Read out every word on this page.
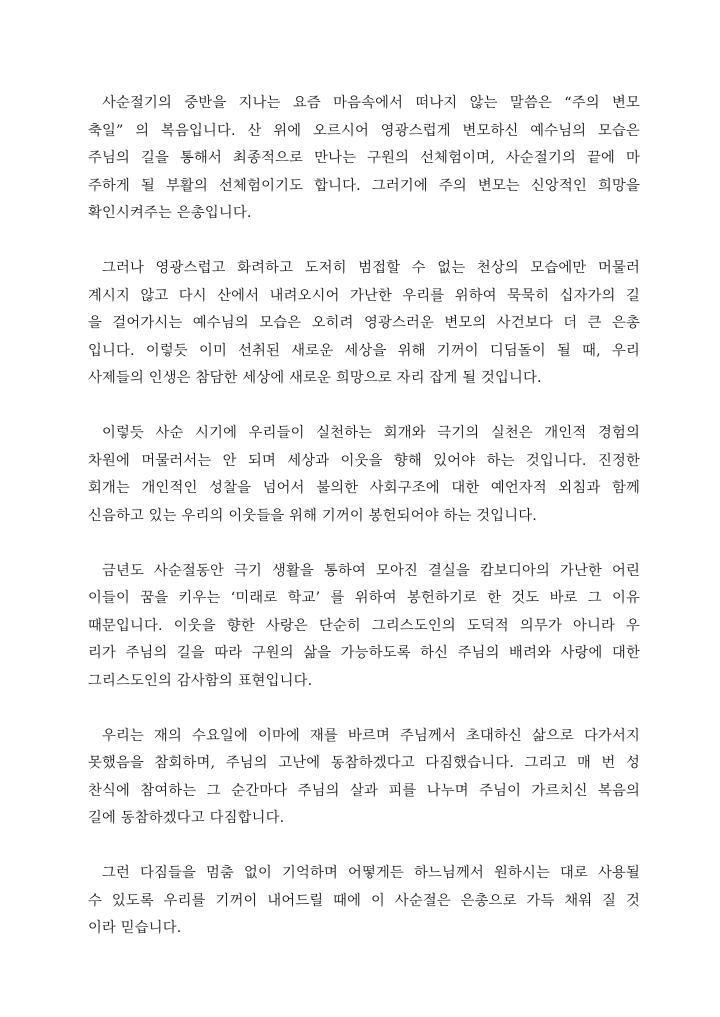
사순절기의 중반을 지나는 요즘 마음속에서 떠나지 않는 말씀은 “주의 변모
축일” 의 복음입니다. 산 위에 오르시어 영광스럽게 변모하신 예수님의 모습은
주님의 길을 통해서 최종적으로 만나는 구원의 선체험이며, 사순절기의 끝에 마
주하게 될 부활의 선체험이기도 합니다. 그러기에 주의 변모는 신앙적인 희망을
확인시켜주는 은총입니다.
그러나 영광스럽고 화려하고 도저히 범접할 수 없는 천상의 모습에만 머물러
계시지 않고 다시 산에서 내려오시어 가난한 우리를 위하여 묵묵히 십자가의 길
을 걸어가시는 예수님의 모습은 오히려 영광스러운 변모의 사건보다 더 큰 은총
입니다. 이렇듯 이미 선취된 새로운 세상을 위해 기꺼이 디딤돌이 될 때, 우리
사제들의 인생은 참담한 세상에 새로운 희망으로 자리 잡게 될 것입니다.
이렇듯 사순 시기에 우리들이 실천하는 회개와 극기의 실천은 개인적 경험의
차원에 머물러서는 안 되며 세상과 이웃을 향해 있어야 하는 것입니다. 진정한
회개는 개인적인 성찰을 넘어서 불의한 사회구조에 대한 예언자적 외침과 함께
신음하고 있는 우리의 이웃들을 위해 기꺼이 봉헌되어야 하는 것입니다.
금년도 사순절동안 극기 생활을 통하여 모아진 결실을 캄보디아의 가난한 어린
이들이 꿈을 키우는 ‘미래로 학교’ 를 위하여 봉헌하기로 한 것도 바로 그 이유
때문입니다. 이웃을 향한 사랑은 단순히 그리스도인의 도덕적 의무가 아니라 우
리가 주님의 길을 따라 구원의 삶을 가능하도록 하신 주님의 배려와 사랑에 대한
그리스도인의 감사함의 표현입니다.
우리는 재의 수요일에 이마에 재를 바르며 주님께서 초대하신 삶으로 다가서지
못했음을 참회하며, 주님의 고난에 동참하겠다고 다짐했습니다. 그리고 매 번 성
찬식에 참여하는 그 순간마다 주님의 살과 피를 나누며 주님이 가르치신 복음의
길에 동참하겠다고 다짐합니다.
그런 다짐들을 멈춤 없이 기억하며 어떻게든 하느님께서 원하시는 대로 사용될
수 있도록 우리를 기꺼이 내어드릴 때에 이 사순절은 은총으로 가득 채워 질 것
이라 믿습니다.
